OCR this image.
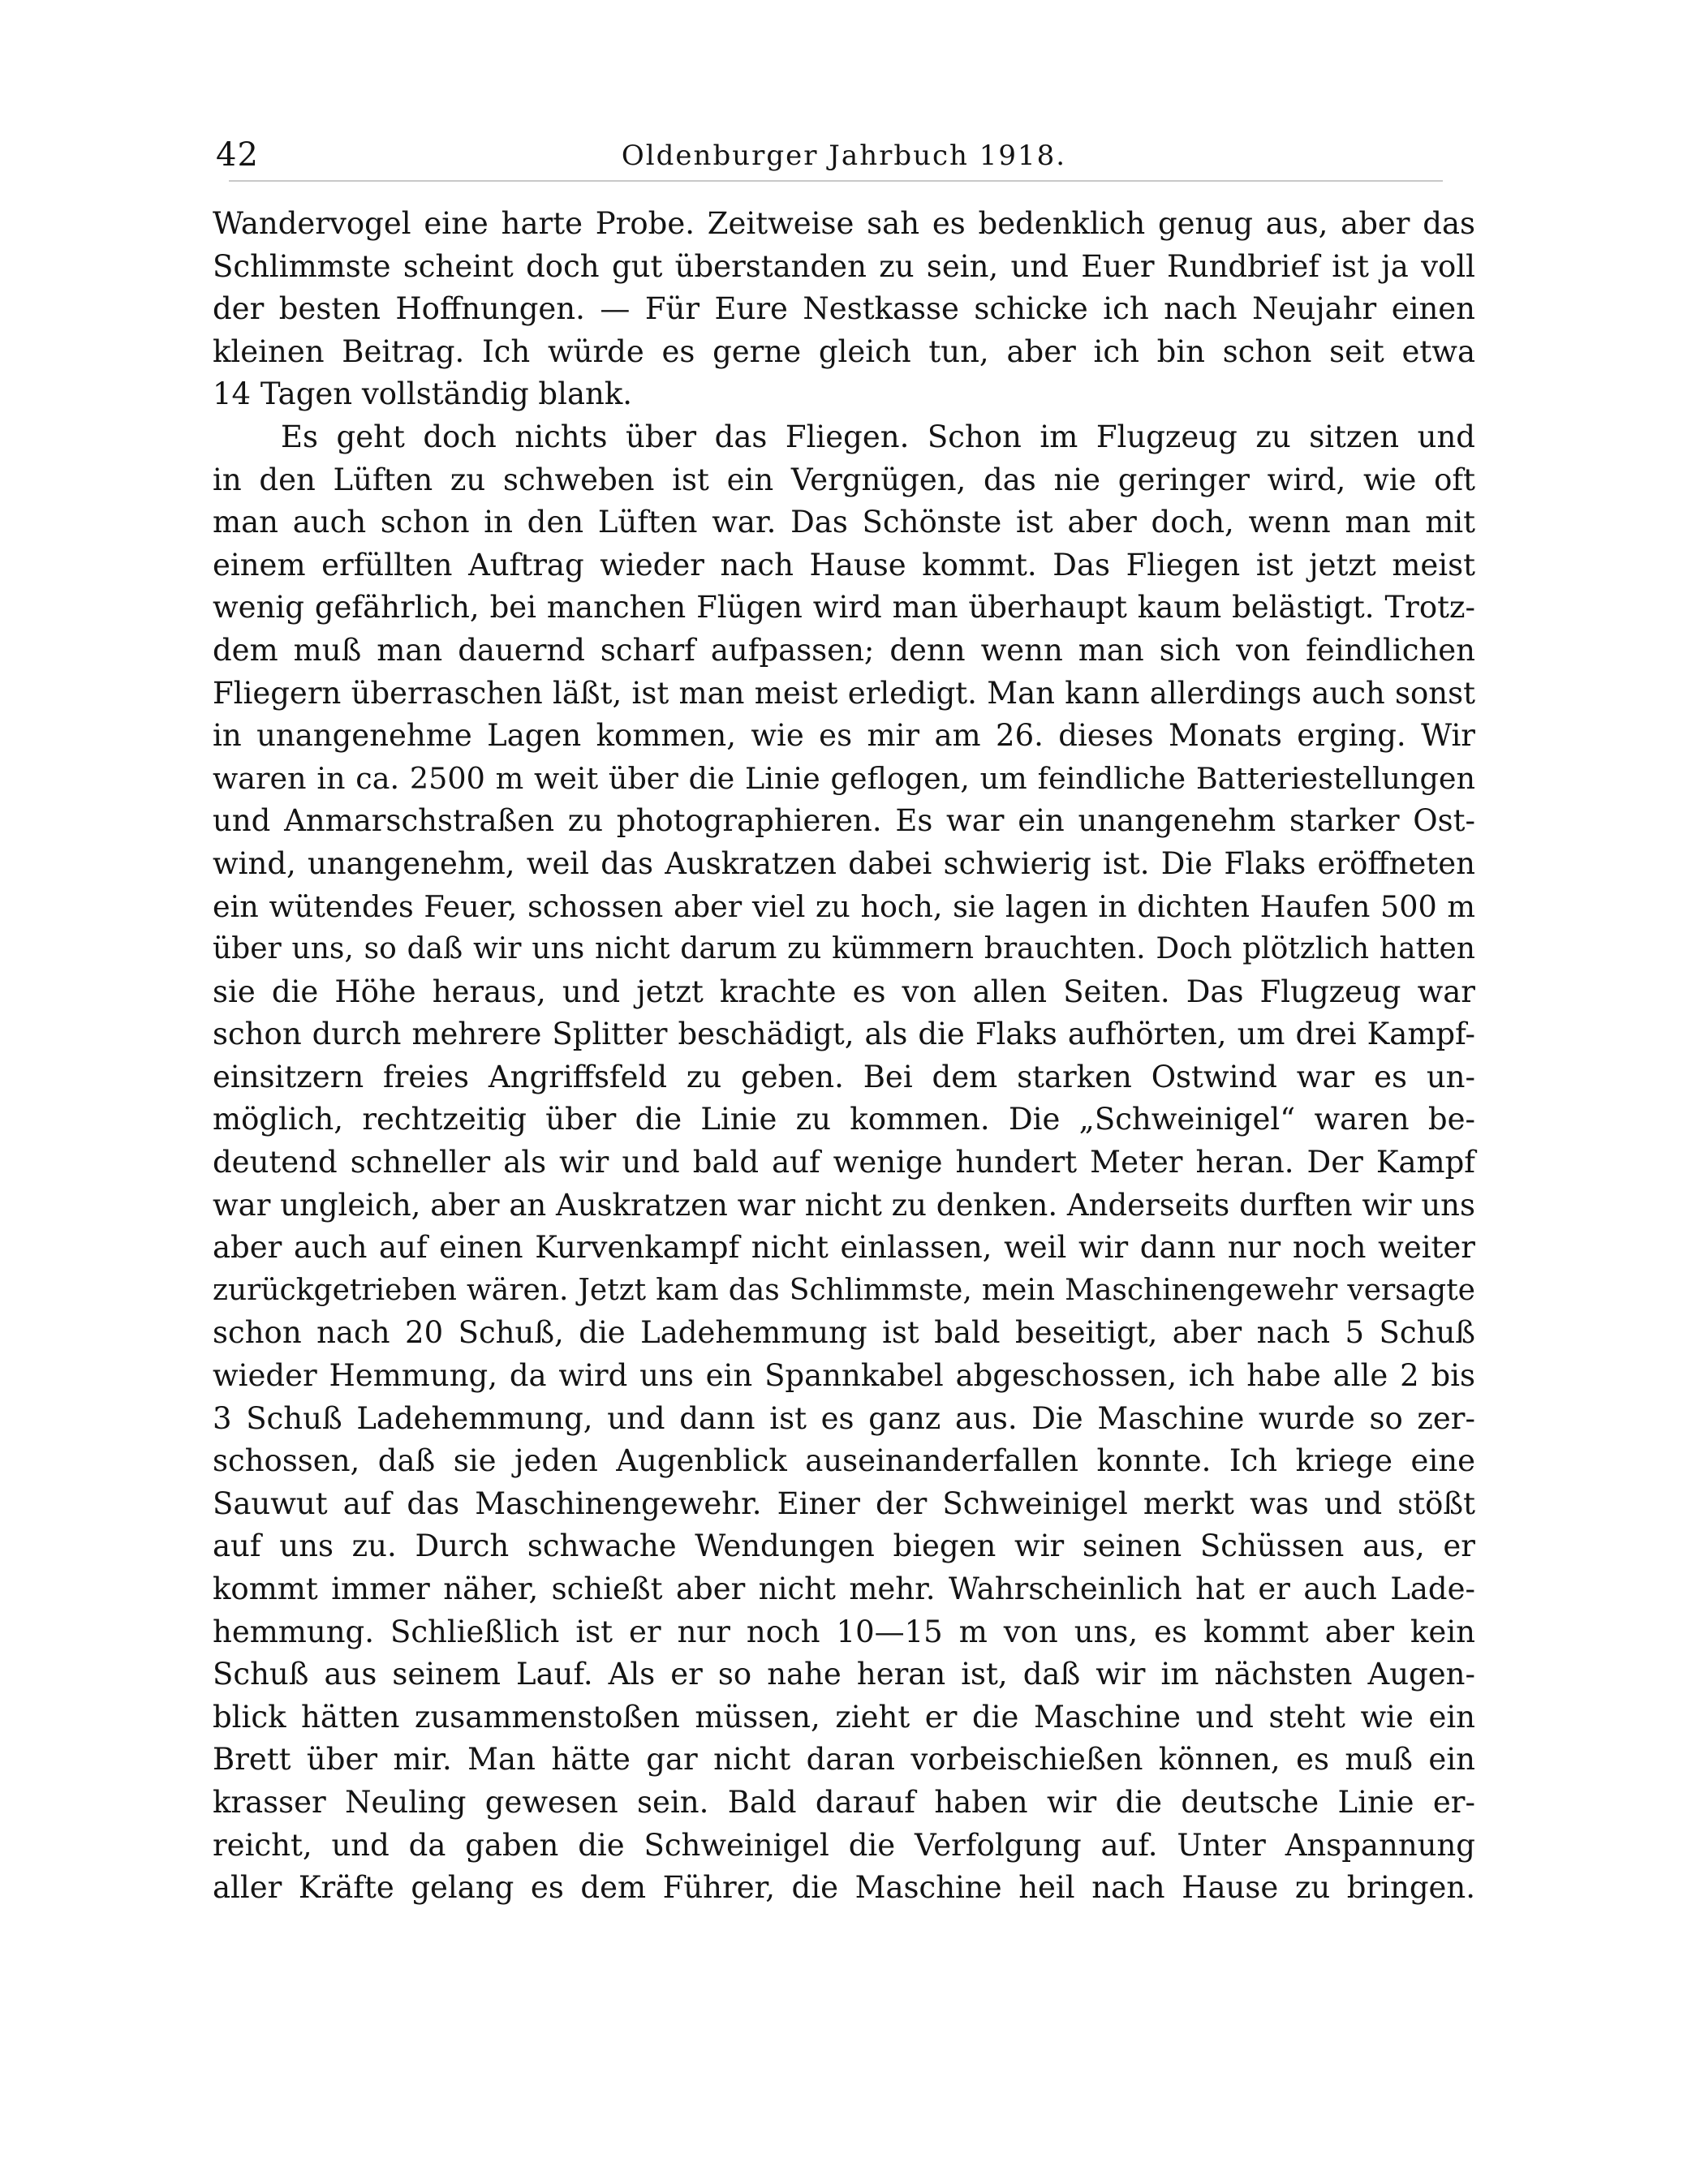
42	Oldenburger Jahrbuch 1918.

Wandervogel eine harte Probe. Zeitweise sah es bedenklich genug aus, aber das
Schlimmste scheint doch gut überstanden zu sein, und Euer Rundbrief ist ja voll
der besten Hoffnungen. — Für Eure Nestkasse schicke ich nach Neujahr einen
kleinen Beitrag. Ich würde es gerne gleich tun, aber ich bin schon seit etwa
14 Tagen vollständig blank.

Es geht doch nichts über das Fliegen. Schon im Flugzeug zu sitzen und
in den Lüften zu schweben ist ein Vergnügen, das nie geringer wird, wie oft
man auch schon in den Lüften war. Das Schönste ist aber doch, wenn man mit
einem erfüllten Auftrag wieder nach Hause kommt. Das Fliegen ist jetzt meist
wenig gefährlich, bei manchen Flügen wird man überhaupt kaum belästigt. Trotz-
dem muß man dauernd scharf aufpassen; denn wenn man sich von feindlichen
Fliegern überraschen läßt, ist man meist erledigt. Man kann allerdings auch sonst
in unangenehme Lagen kommen, wie es mir am 26. dieses Monats erging. Wir
waren in ca. 2500 m weit über die Linie geflogen, um feindliche Batteriestellungen
und Anmarschstraßen zu photographieren. Es war ein unangenehm starker Ost-
wind, unangenehm, weil das Auskratzen dabei schwierig ist. Die Flaks eröffneten
ein wütendes Feuer, schossen aber viel zu hoch, sie lagen in dichten Haufen 500 m
über uns, so daß wir uns nicht darum zu kümmern brauchten. Doch plötzlich hatten
sie die Höhe heraus, und jetzt krachte es von allen Seiten. Das Flugzeug war
schon durch mehrere Splitter beschädigt, als die Flaks aufhörten, um drei Kampf-
einsitzern freies Angriffsfeld zu geben. Bei dem starken Ostwind war es un-
möglich, rechtzeitig über die Linie zu kommen. Die „Schweinigel“ waren be-
deutend schneller als wir und bald auf wenige hundert Meter heran. Der Kampf
war ungleich, aber an Auskratzen war nicht zu denken. Anderseits durften wir uns
aber auch auf einen Kurvenkampf nicht einlassen, weil wir dann nur noch weiter
zurückgetrieben wären. Jetzt kam das Schlimmste, mein Maschinengewehr versagte
schon nach 20 Schuß, die Ladehemmung ist bald beseitigt, aber nach 5 Schuß
wieder Hemmung, da wird uns ein Spannkabel abgeschossen, ich habe alle 2 bis
3 Schuß Ladehemmung, und dann ist es ganz aus. Die Maschine wurde so zer-
schossen, daß sie jeden Augenblick auseinanderfallen konnte. Ich kriege eine
Sauwut auf das Maschinengewehr. Einer der Schweinigel merkt was und stößt
auf uns zu. Durch schwache Wendungen biegen wir seinen Schüssen aus, er
kommt immer näher, schießt aber nicht mehr. Wahrscheinlich hat er auch Lade-
hemmung. Schließlich ist er nur noch 10—15 m von uns, es kommt aber kein
Schuß aus seinem Lauf. Als er so nahe heran ist, daß wir im nächsten Augen-
blick hätten zusammenstoßen müssen, zieht er die Maschine und steht wie ein
Brett über mir. Man hätte gar nicht daran vorbeischießen können, es muß ein
krasser Neuling gewesen sein. Bald darauf haben wir die deutsche Linie er-
reicht, und da gaben die Schweinigel die Verfolgung auf. Unter Anspannung
aller Kräfte gelang es dem Führer, die Maschine heil nach Hause zu bringen.
